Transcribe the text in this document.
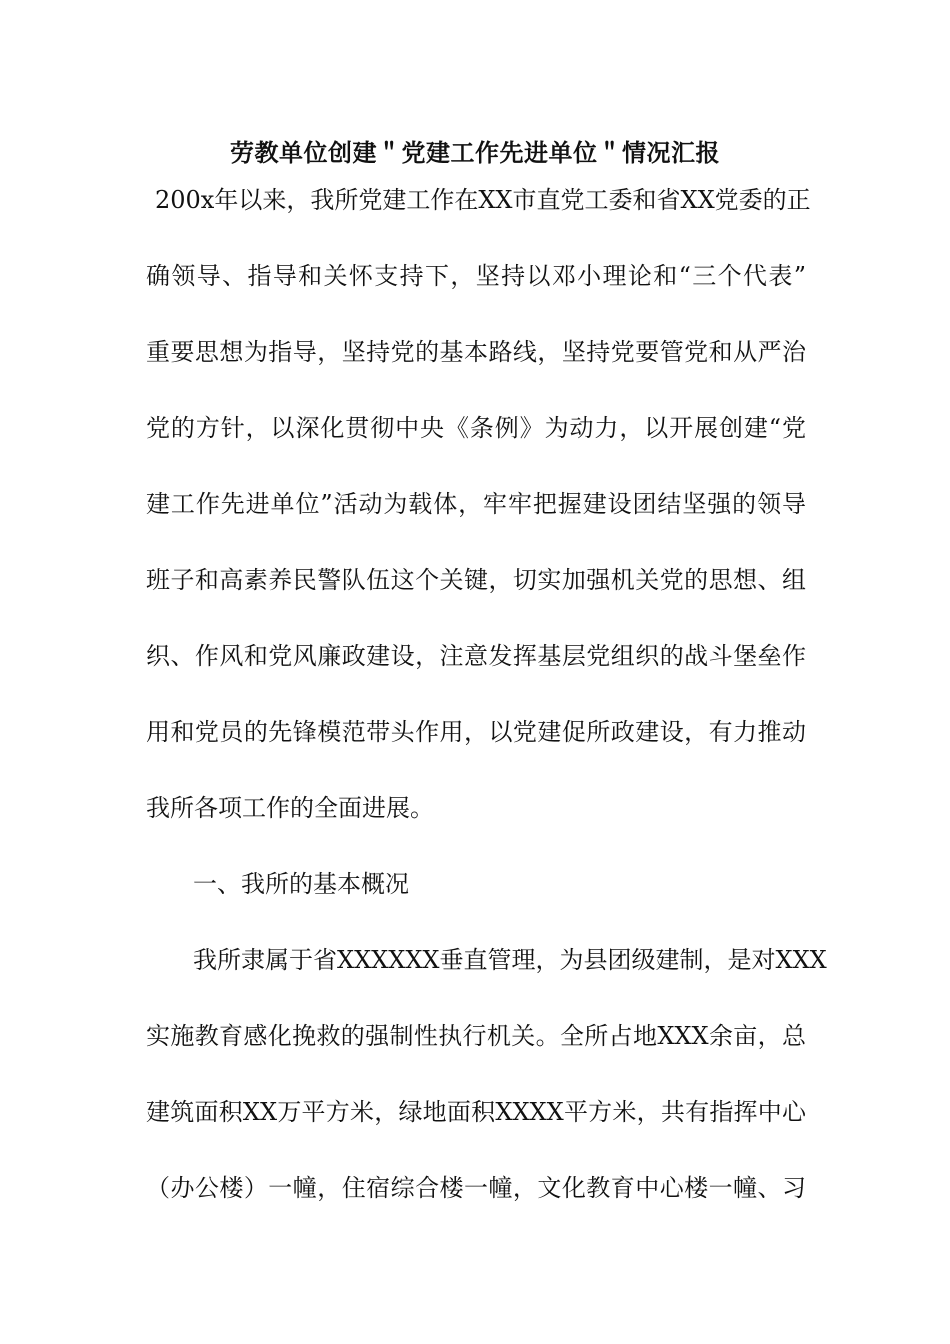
劳教单位创建＂党建工作先进单位＂情况汇报
200x年以来，我所党建工作在XX市直党工委和省XX党委的正
确领导、指导和关怀支持下，坚持以邓小理论和“三个代表”
重要思想为指导，坚持党的基本路线，坚持党要管党和从严治
党的方针，以深化贯彻中央《条例》为动力，以开展创建“党
建工作先进单位”活动为载体，牢牢把握建设团结坚强的领导
班子和高素养民警队伍这个关键，切实加强机关党的思想、组
织、作风和党风廉政建设，注意发挥基层党组织的战斗堡垒作
用和党员的先锋模范带头作用，以党建促所政建设，有力推动
我所各项工作的全面进展。
一、我所的基本概况
我所隶属于省XXXXXX垂直管理，为县团级建制，是对XXX
实施教育感化挽救的强制性执行机关。全所占地XXX余亩，总
建筑面积XX万平方米，绿地面积XXXX平方米，共有指挥中心
（办公楼）一幢，住宿综合楼一幢，文化教育中心楼一幢、习
